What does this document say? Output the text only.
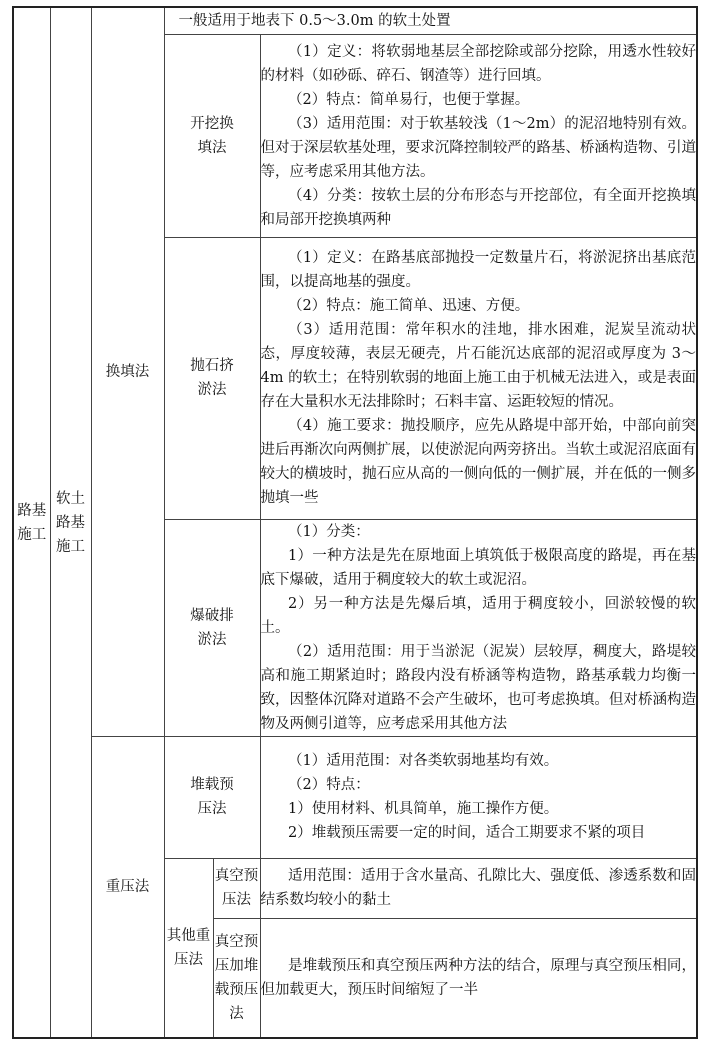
路基施工	软土路基施工	换填法	一般适用于地表下 0.5～3.0m 的软土处置		

			开挖换填法		（1）定义：将软弱地基层全部挖除或部分挖除，用透水性较好的材料（如砂砾、碎石、钢渣等）进行回填。

（2）特点：简单易行，也便于掌握。

（3）适用范围：对于软基较浅（1～2m）的泥沼地特别有效。但对于深层软基处理，要求沉降控制较严的路基、桥涵构造物、引道等，应考虑采用其他方法。

（4）分类：按软土层的分布形态与开挖部位，有全面开挖换填和局部开挖换填两种

			抛石挤淤法		（1）定义：在路基底部抛投一定数量片石，将淤泥挤出基底范围，以提高地基的强度。

（2）特点：施工简单、迅速、方便。

（3）适用范围：常年积水的洼地，排水困难，泥炭呈流动状态，厚度较薄，表层无硬壳，片石能沉达底部的泥沼或厚度为 3～4m 的软土；在特别软弱的地面上施工由于机械无法进入，或是表面存在大量积水无法排除时；石料丰富、运距较短的情况。

（4）施工要求：抛投顺序，应先从路堤中部开始，中部向前突进后再渐次向两侧扩展，以使淤泥向两旁挤出。当软土或泥沼底面有较大的横坡时，抛石应从高的一侧向低的一侧扩展，并在低的一侧多抛填一些

			爆破排淤法		（1）分类：

1）一种方法是先在原地面上填筑低于极限高度的路堤，再在基底下爆破，适用于稠度较大的软土或泥沼。

2）另一种方法是先爆后填，适用于稠度较小，回淤较慢的软土。

（2）适用范围：用于当淤泥（泥炭）层较厚，稠度大，路堤较高和施工期紧迫时；路段内没有桥涵等构造物，路基承载力均衡一致，因整体沉降对道路不会产生破坏，也可考虑换填。但对桥涵构造物及两侧引道等，应考虑采用其他方法

		重压法	堆载预压法		（1）适用范围：对各类软弱地基均有效。

（2）特点：

1）使用材料、机具简单，施工操作方便。

2）堆载预压需要一定的时间，适合工期要求不紧的项目

			其他重压法	真空预压法	适用范围：适用于含水量高、孔隙比大、强度低、渗透系数和固结系数均较小的黏土

				真空预压加堆载预压法	是堆载预压和真空预压两种方法的结合，原理与真空预压相同，但加载更大，预压时间缩短了一半
